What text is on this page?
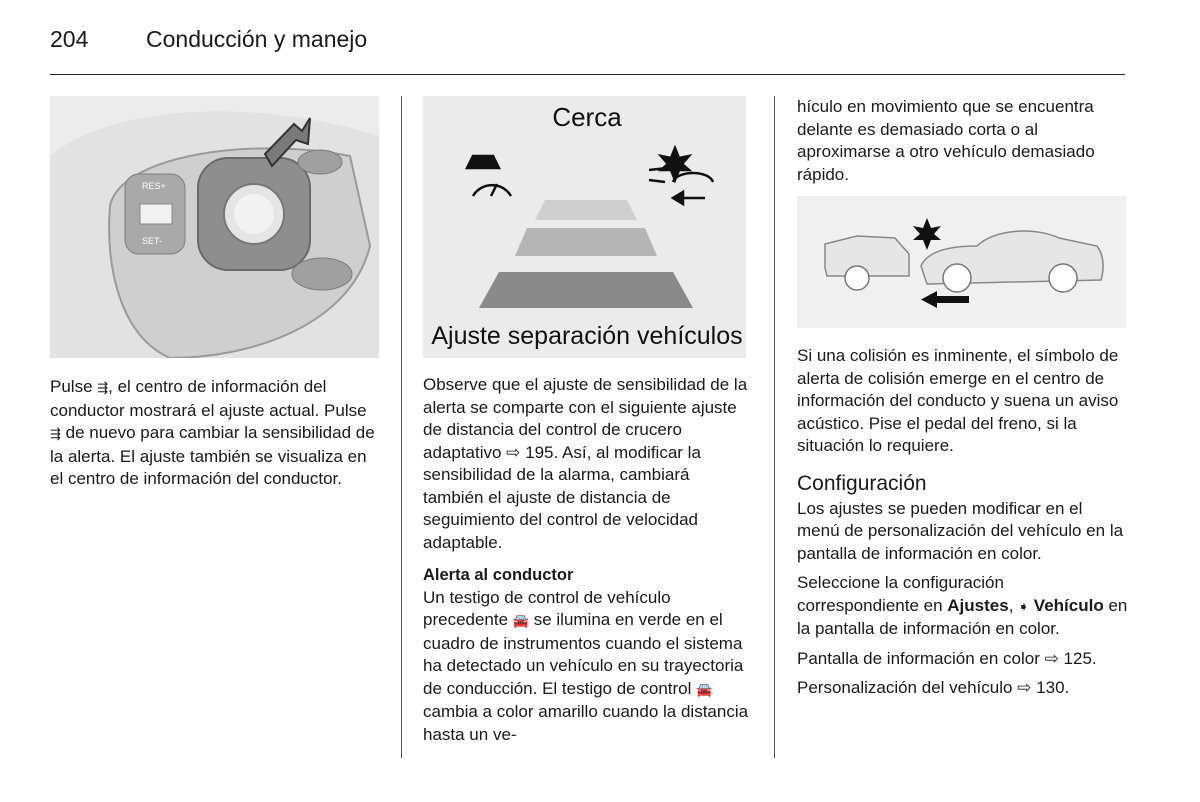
204	Conducción y manejo
RES+
SET-
Cerca
Ajuste separación vehículos

Pulse ⇶, el centro de información del conductor mostrará el ajuste actual. Pulse ⇶ de nuevo para cambiar la sensibilidad de la alerta. El ajuste también se visualiza en el centro de información del conductor.

Observe que el ajuste de sensibilidad de la alerta se comparte con el siguiente ajuste de distancia del control de crucero adaptativo ⇨ 195. Así, al modificar la sensibilidad de la alarma, cambiará también el ajuste de distancia de seguimiento del control de velocidad adaptable.

Alerta al conductor

Un testigo de control de vehículo precedente 🚘 se ilumina en verde en el cuadro de instrumentos cuando el sistema ha detectado un vehículo en su trayectoria de conducción. El testigo de control 🚘 cambia a color amarillo cuando la distancia hasta un ve-

hículo en movimiento que se encuentra delante es demasiado corta o al aproximarse a otro vehículo demasiado rápido.

Si una colisión es inminente, el símbolo de alerta de colisión emerge en el centro de información del conducto y suena un aviso acústico. Pise el pedal del freno, si la situación lo requiere.

Configuración

Los ajustes se pueden modificar en el menú de personalización del vehículo en la pantalla de información en color.

Seleccione la configuración correspondiente en Ajustes, ➧ Vehículo en la pantalla de información en color.

Pantalla de información en color ⇨ 125.

Personalización del vehículo ⇨ 130.
